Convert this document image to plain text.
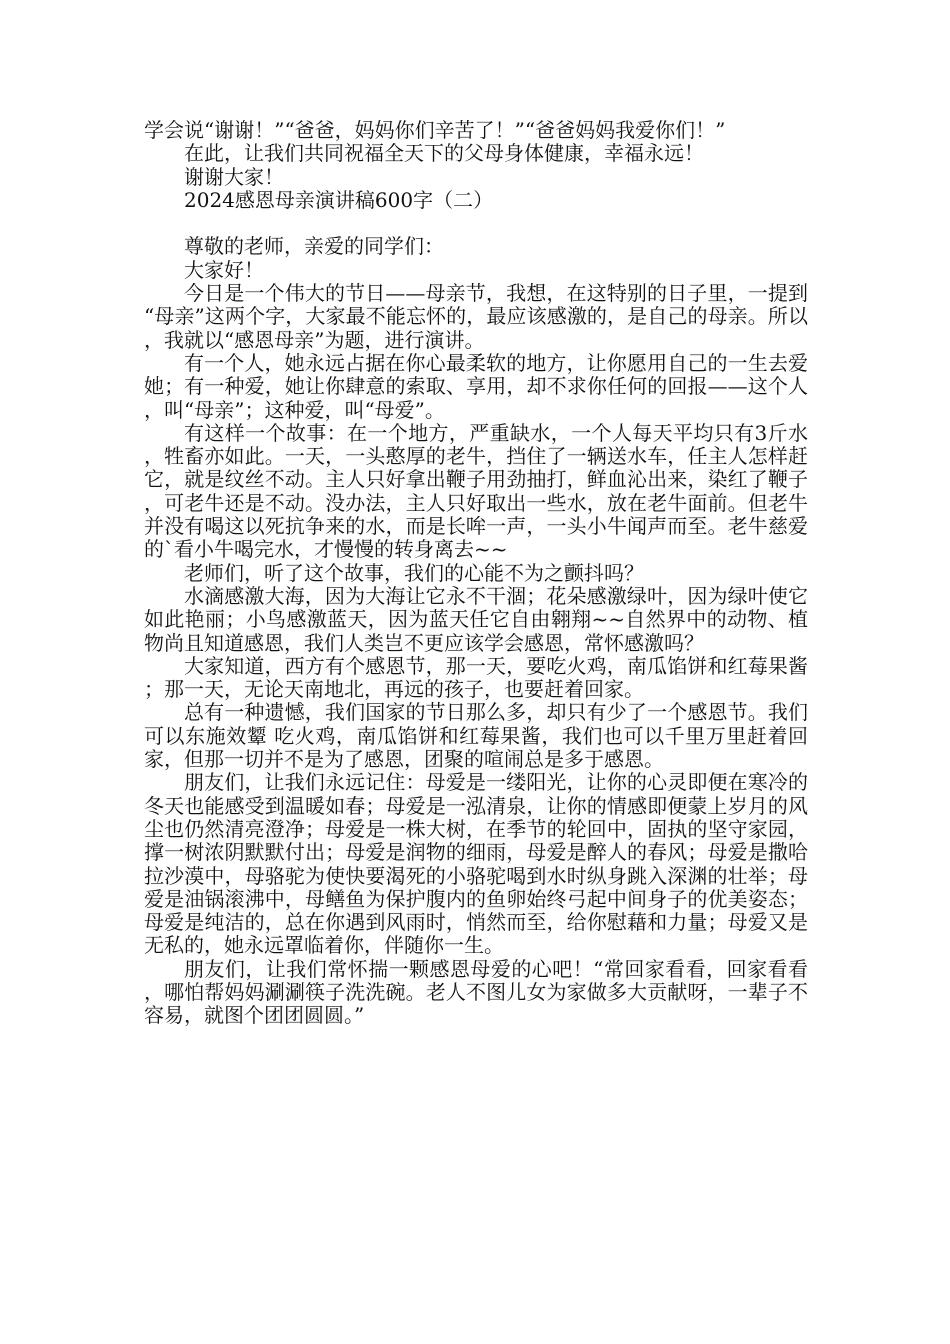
学会说“谢谢！”“爸爸，妈妈你们辛苦了！”“爸爸妈妈我爱你们！”

在此，让我们共同祝福全天下的父母身体健康，幸福永远！

谢谢大家！

2024感恩母亲演讲稿600字（二）

尊敬的老师，亲爱的同学们：

大家好！

今日是一个伟大的节日——母亲节，我想，在这特别的日子里，一提到“母亲”这两个字，大家最不能忘怀的，最应该感激的，是自己的母亲。所以，我就以“感恩母亲”为题，进行演讲。

有一个人，她永远占据在你心最柔软的地方，让你愿用自己的一生去爱她；有一种爱，她让你肆意的索取、享用，却不求你任何的回报——这个人，叫“母亲”；这种爱，叫“母爱”。

有这样一个故事：在一个地方，严重缺水，一个人每天平均只有3斤水，牲畜亦如此。一天，一头憨厚的老牛，挡住了一辆送水车，任主人怎样赶它，就是纹丝不动。主人只好拿出鞭子用劲抽打，鲜血沁出来，染红了鞭子，可老牛还是不动。没办法，主人只好取出一些水，放在老牛面前。但老牛并没有喝这以死抗争来的水，而是长哞一声，一头小牛闻声而至。老牛慈爱的`看小牛喝完水，才慢慢的转身离去~~

老师们，听了这个故事，我们的心能不为之颤抖吗？

水滴感激大海，因为大海让它永不干涸；花朵感激绿叶，因为绿叶使它如此艳丽；小鸟感激蓝天，因为蓝天任它自由翱翔~~自然界中的动物、植物尚且知道感恩，我们人类岂不更应该学会感恩，常怀感激吗？

大家知道，西方有个感恩节，那一天，要吃火鸡，南瓜馅饼和红莓果酱；那一天，无论天南地北，再远的孩子，也要赶着回家。

总有一种遗憾，我们国家的节日那么多，却只有少了一个感恩节。我们可以东施效颦 吃火鸡，南瓜馅饼和红莓果酱，我们也可以千里万里赶着回家，但那一切并不是为了感恩，团聚的喧闹总是多于感恩。

朋友们，让我们永远记住：母爱是一缕阳光，让你的心灵即便在寒冷的冬天也能感受到温暖如春；母爱是一泓清泉，让你的情感即便蒙上岁月的风尘也仍然清亮澄净；母爱是一株大树，在季节的轮回中，固执的坚守家园，撑一树浓阴默默付出；母爱是润物的细雨，母爱是醉人的春风；母爱是撒哈拉沙漠中，母骆驼为使快要渴死的小骆驼喝到水时纵身跳入深渊的壮举；母爱是油锅滚沸中，母鳝鱼为保护腹内的鱼卵始终弓起中间身子的优美姿态；母爱是纯洁的，总在你遇到风雨时，悄然而至，给你慰藉和力量；母爱又是无私的，她永远罩临着你，伴随你一生。

朋友们，让我们常怀揣一颗感恩母爱的心吧！“常回家看看，回家看看，哪怕帮妈妈涮涮筷子洗洗碗。老人不图儿女为家做多大贡献呀，一辈子不容易，就图个团团圆圆。”
